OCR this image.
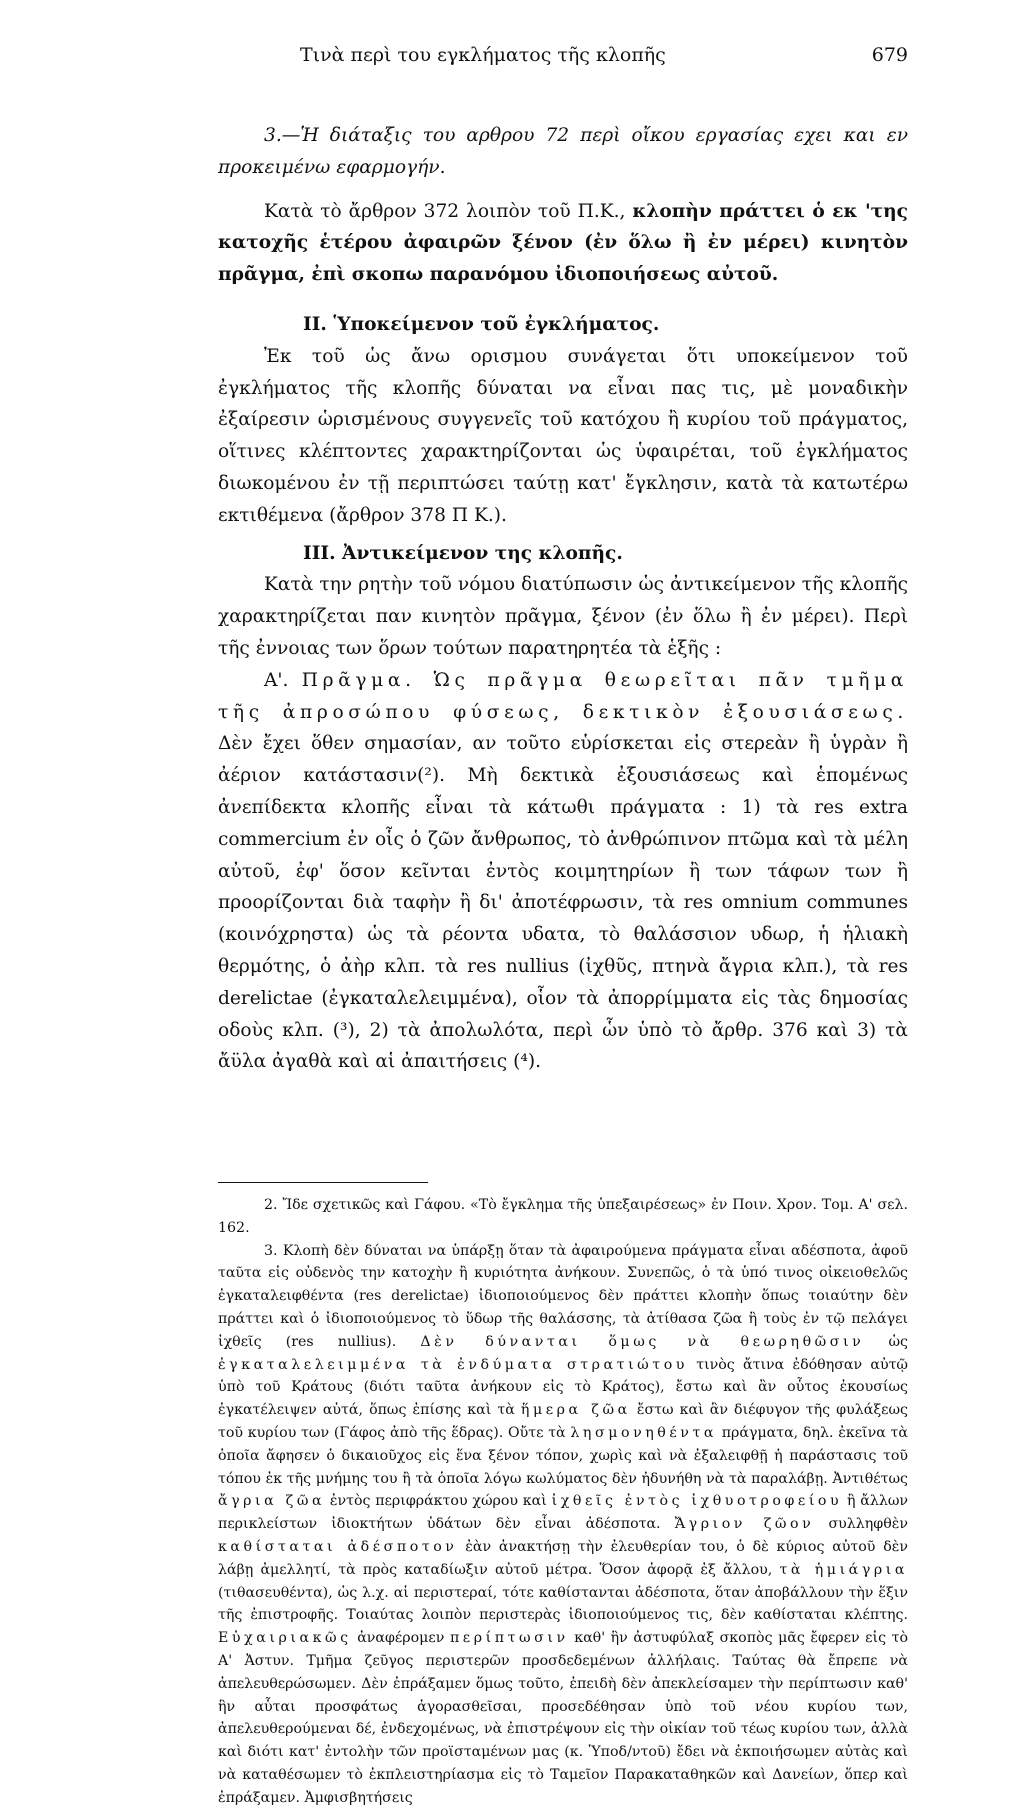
Τινὰ περὶ του εγκλήματος τῆς κλοπῆς	679

3.—Ἡ διάταξις του αρθρου 72 περὶ οἴκου εργασίας εχει και εν προκειμένω εφαρμογήν.

Κατὰ τὸ ἄρθρον 372 λοιπὸν τοῦ Π.Κ., κλοπὴν πράττει ὁ εκ 'της κατοχῆς ἑτέρου ἀφαιρῶν ξένον (ἐν ὅλω ἢ ἐν μέρει) κινητὸν πρᾶγμα, ἐπὶ σκοπω παρανόμου ἰδιοποιήσεως αὐτοῦ.

II. Ὑποκείμενον τοῦ ἐγκλήματος.

Ἐκ τοῦ ὡς ἄνω ορισμου συνάγεται ὅτι υποκείμενον τοῦ ἐγκλήματος τῆς κλοπῆς δύναται να εἶναι πας τις, μὲ μοναδικὴν ἐξαίρεσιν ὡρισμένους συγγενεῖς τοῦ κατόχου ἢ κυρίου τοῦ πράγματος, οἵτινες κλέπτοντες χαρακτηρίζονται ὡς ὑφαιρέται, τοῦ ἐγκλήματος διωκομένου ἐν τῇ περιπτώσει ταύτῃ κατ' ἔγκλησιν, κατὰ τὰ κατωτέρω εκτιθέμενα (ἄρθρον 378 Π Κ.).

III. Ἀντικείμενον της κλοπῆς.

Κατὰ την ρητὴν τοῦ νόμου διατύπωσιν ὡς ἀντικείμενον τῆς κλοπῆς χαρακτηρίζεται παν κινητὸν πρᾶγμα, ξένον (ἐν ὅλω ἢ ἐν μέρει). Περὶ τῆς ἐννοιας των ὅρων τούτων παρατηρητέα τὰ ἑξῆς :

Α'. Πρᾶγμα. Ὡς πρᾶγμα θεωρεῖται πᾶν τμῆμα τῆς ἀπροσώπου φύσεως, δεκτικὸν ἐξουσιάσεως. Δὲν ἔχει ὅθεν σημασίαν, αν τοῦτο εὑρίσκεται εἰς στερεὰν ἢ ὑγρὰν ἢ ἀέριον κατάστασιν(²). Μὴ δεκτικὰ ἐξουσιάσεως καὶ ἑπομένως ἀνεπίδεκτα κλοπῆς εἶναι τὰ κάτωθι πράγματα : 1) τὰ res extra commercium ἐν οἷς ὁ ζῶν ἄνθρωπος, τὸ ἀνθρώπινον πτῶμα καὶ τὰ μέλη αὐτοῦ, ἐφ' ὅσον κεῖνται ἐντὸς κοιμητηρίων ἢ των τάφων των ἢ προορίζονται διὰ ταφὴν ἢ δι' ἀποτέφρωσιν, τὰ res omnium communes (κοινόχρηστα) ὡς τὰ ρέοντα υδατα, τὸ θαλάσσιον υδωρ, ἡ ἡλιακὴ θερμότης, ὁ ἀὴρ κλπ. τὰ res nullius (ἰχθῦς, πτηνὰ ἄγρια κλπ.), τὰ res derelictae (ἐγκαταλελειμμένα), οἷον τὰ ἀπορρίμματα εἰς τὰς δημοσίας οδοὺς κλπ. (³), 2) τὰ ἀπολωλότα, περὶ ὧν ὑπὸ τὸ ἄρθρ. 376 καὶ 3) τὰ ἄϋλα ἀγαθὰ καὶ αἱ ἀπαιτήσεις (⁴).

2. Ἴδε σχετικῶς καὶ Γάφου. «Τὸ ἔγκλημα τῆς ὑπεξαιρέσεως» ἐν Ποιν. Χρον. Τομ. Α' σελ. 162.

3. Κλοπὴ δὲν δύναται να ὑπάρξῃ ὅταν τὰ ἀφαιρούμενα πράγματα εἶναι αδέσποτα, ἀφοῦ ταῦτα εἰς οὐδενὸς την κατοχὴν ἢ κυριότητα ἀνήκουν. Συνεπῶς, ὁ τὰ ὑπό τινος οἰκειοθελῶς ἐγκαταλειφθέντα (res derelictae) ἰδιοποιούμενος δὲν πράττει κλοπὴν ὅπως τοιαύτην δὲν πράττει καὶ ὁ ἰδιοποιούμενος τὸ ὕδωρ τῆς θαλάσσης, τὰ ἀτίθασα ζῶα ἢ τοὺς ἐν τῷ πελάγει ἰχθεῖς (res nullius). Δὲν δύνανται ὅμως νὰ θεωρηθῶσιν ὡς ἐγκαταλελειμμένα τὰ ἐνδύματα στρατιώτου τινὸς ἄτινα ἐδόθησαν αὐτῷ ὑπὸ τοῦ Κράτους (διότι ταῦτα ἀνήκουν εἰς τὸ Κράτος), ἔστω καὶ ἂν οὗτος ἐκουσίως ἐγκατέλειψεν αὐτά, ὅπως ἐπίσης καὶ τὰ ἥμερα ζῶα ἔστω καὶ ἂν διέφυγον τῆς φυλάξεως τοῦ κυρίου των (Γάφος ἀπὸ τῆς ἕδρας). Οὔτε τὰ λησμονηθέντα πράγματα, δηλ. ἐκεῖνα τὰ ὁποῖα ἄφησεν ὁ δικαιοῦχος εἰς ἕνα ξένον τόπον, χωρὶς καὶ νὰ ἐξαλειφθῇ ἡ παράστασις τοῦ τόπου ἐκ τῆς μνήμης του ἢ τὰ ὁποῖα λόγω κωλύματος δὲν ἠδυνήθη νὰ τὰ παραλάβῃ. Ἀντιθέτως ἄγρια ζῶα ἐντὸς περιφράκτου χώρου καὶ ἰχθεῖς ἐντὸς ἰχθυοτροφείου ἢ ἄλλων περικλείστων ἰδιοκτήτων ὑδάτων δὲν εἶναι ἀδέσποτα. Ἄγριον ζῶον συλληφθὲν καθίσταται ἀδέσποτον ἐὰν ἀνακτήσῃ τὴν ἐλευθερίαν του, ὁ δὲ κύριος αὐτοῦ δὲν λάβῃ ἀμελλητί, τὰ πρὸς καταδίωξιν αὐτοῦ μέτρα. Ὅσον ἀφορᾷ ἐξ ἄλλου, τὰ ἡμιάγρια (τιθασευθέντα), ὡς λ.χ. αἱ περιστεραί, τότε καθίστανται ἀδέσποτα, ὅταν ἀποβάλλουν τὴν ἕξιν τῆς ἐπιστροφῆς. Τοιαύτας λοιπὸν περιστερὰς ἰδιοποιούμενος τις, δὲν καθίσταται κλέπτης. Εὐχαιριακῶς ἀναφέρομεν περίπτωσιν καθ' ἣν ἀστυφύλαξ σκοπὸς μᾶς ἔφερεν εἰς τὸ Α' Ἀστυν. Τμῆμα ζεῦγος περιστερῶν προσδεδεμένων ἀλλήλαις. Ταύτας θὰ ἔπρεπε νὰ ἀπελευθερώσωμεν. Δὲν ἐπράξαμεν ὅμως τοῦτο, ἐπειδὴ δὲν ἀπεκλείσαμεν τὴν περίπτωσιν καθ' ἣν αὗται προσφάτως ἀγορασθεῖσαι, προσεδέθησαν ὑπὸ τοῦ νέου κυρίου των, ἀπελευθερούμεναι δέ, ἐνδεχομένως, νὰ ἐπιστρέψουν εἰς τὴν οἰκίαν τοῦ τέως κυρίου των, ἀλλὰ καὶ διότι κατ' ἐντολὴν τῶν προϊσταμένων μας (κ. Ὑποδ/ντοῦ) ἔδει νὰ ἐκποιήσωμεν αὐτὰς καὶ νὰ καταθέσωμεν τὸ ἐκπλειστηρίασμα εἰς τὸ Ταμεῖον Παρακαταθηκῶν καὶ Δανείων, ὅπερ καὶ ἐπράξαμεν. Ἀμφισβητήσεις
